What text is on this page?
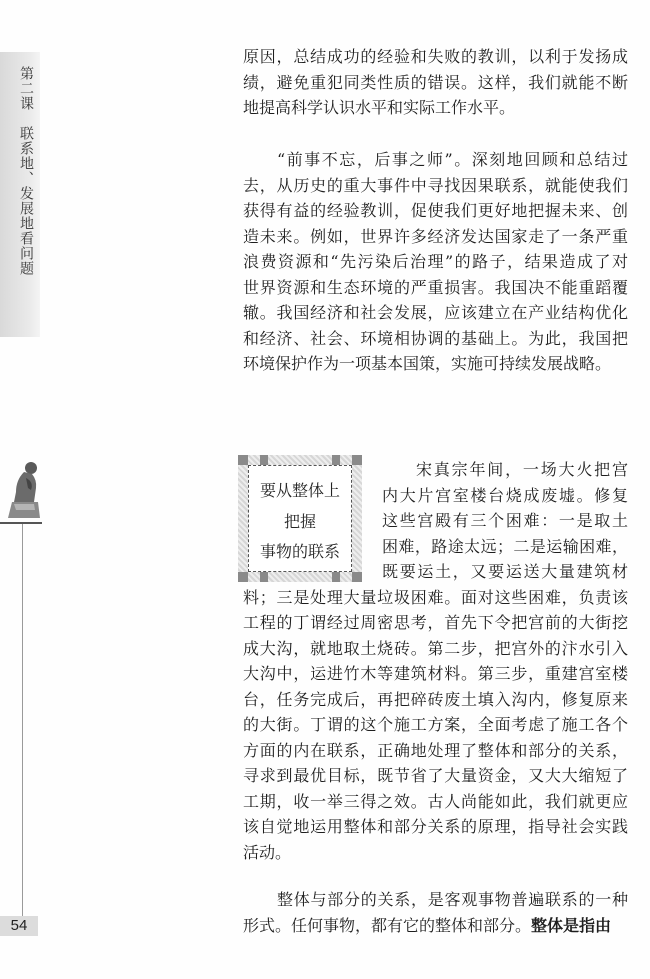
第二课　联系地、发展地看问题
54
要从整体上
把握
事物的联系
原因，总结成功的经验和失败的教训，以利于发扬成
绩，避免重犯同类性质的错误。这样，我们就能不断
地提高科学认识水平和实际工作水平。
“前事不忘，后事之师”。深刻地回顾和总结过
去，从历史的重大事件中寻找因果联系，就能使我们
获得有益的经验教训，促使我们更好地把握未来、创
造未来。例如，世界许多经济发达国家走了一条严重
浪费资源和“先污染后治理”的路子，结果造成了对
世界资源和生态环境的严重损害。我国决不能重蹈覆
辙。我国经济和社会发展，应该建立在产业结构优化
和经济、社会、环境相协调的基础上。为此，我国把
环境保护作为一项基本国策，实施可持续发展战略。
宋真宗年间，一场大火把宫
内大片宫室楼台烧成废墟。修复
这些宫殿有三个困难：一是取土
困难，路途太远；二是运输困难，
既要运土，又要运送大量建筑材
料；三是处理大量垃圾困难。面对这些困难，负责该
工程的丁谓经过周密思考，首先下令把宫前的大街挖
成大沟，就地取土烧砖。第二步，把宫外的汴水引入
大沟中，运进竹木等建筑材料。第三步，重建宫室楼
台，任务完成后，再把碎砖废土填入沟内，修复原来
的大街。丁谓的这个施工方案，全面考虑了施工各个
方面的内在联系，正确地处理了整体和部分的关系，
寻求到最优目标，既节省了大量资金，又大大缩短了
工期，收一举三得之效。古人尚能如此，我们就更应
该自觉地运用整体和部分关系的原理，指导社会实践
活动。
整体与部分的关系，是客观事物普遍联系的一种
形式。任何事物，都有它的整体和部分。整体是指由
